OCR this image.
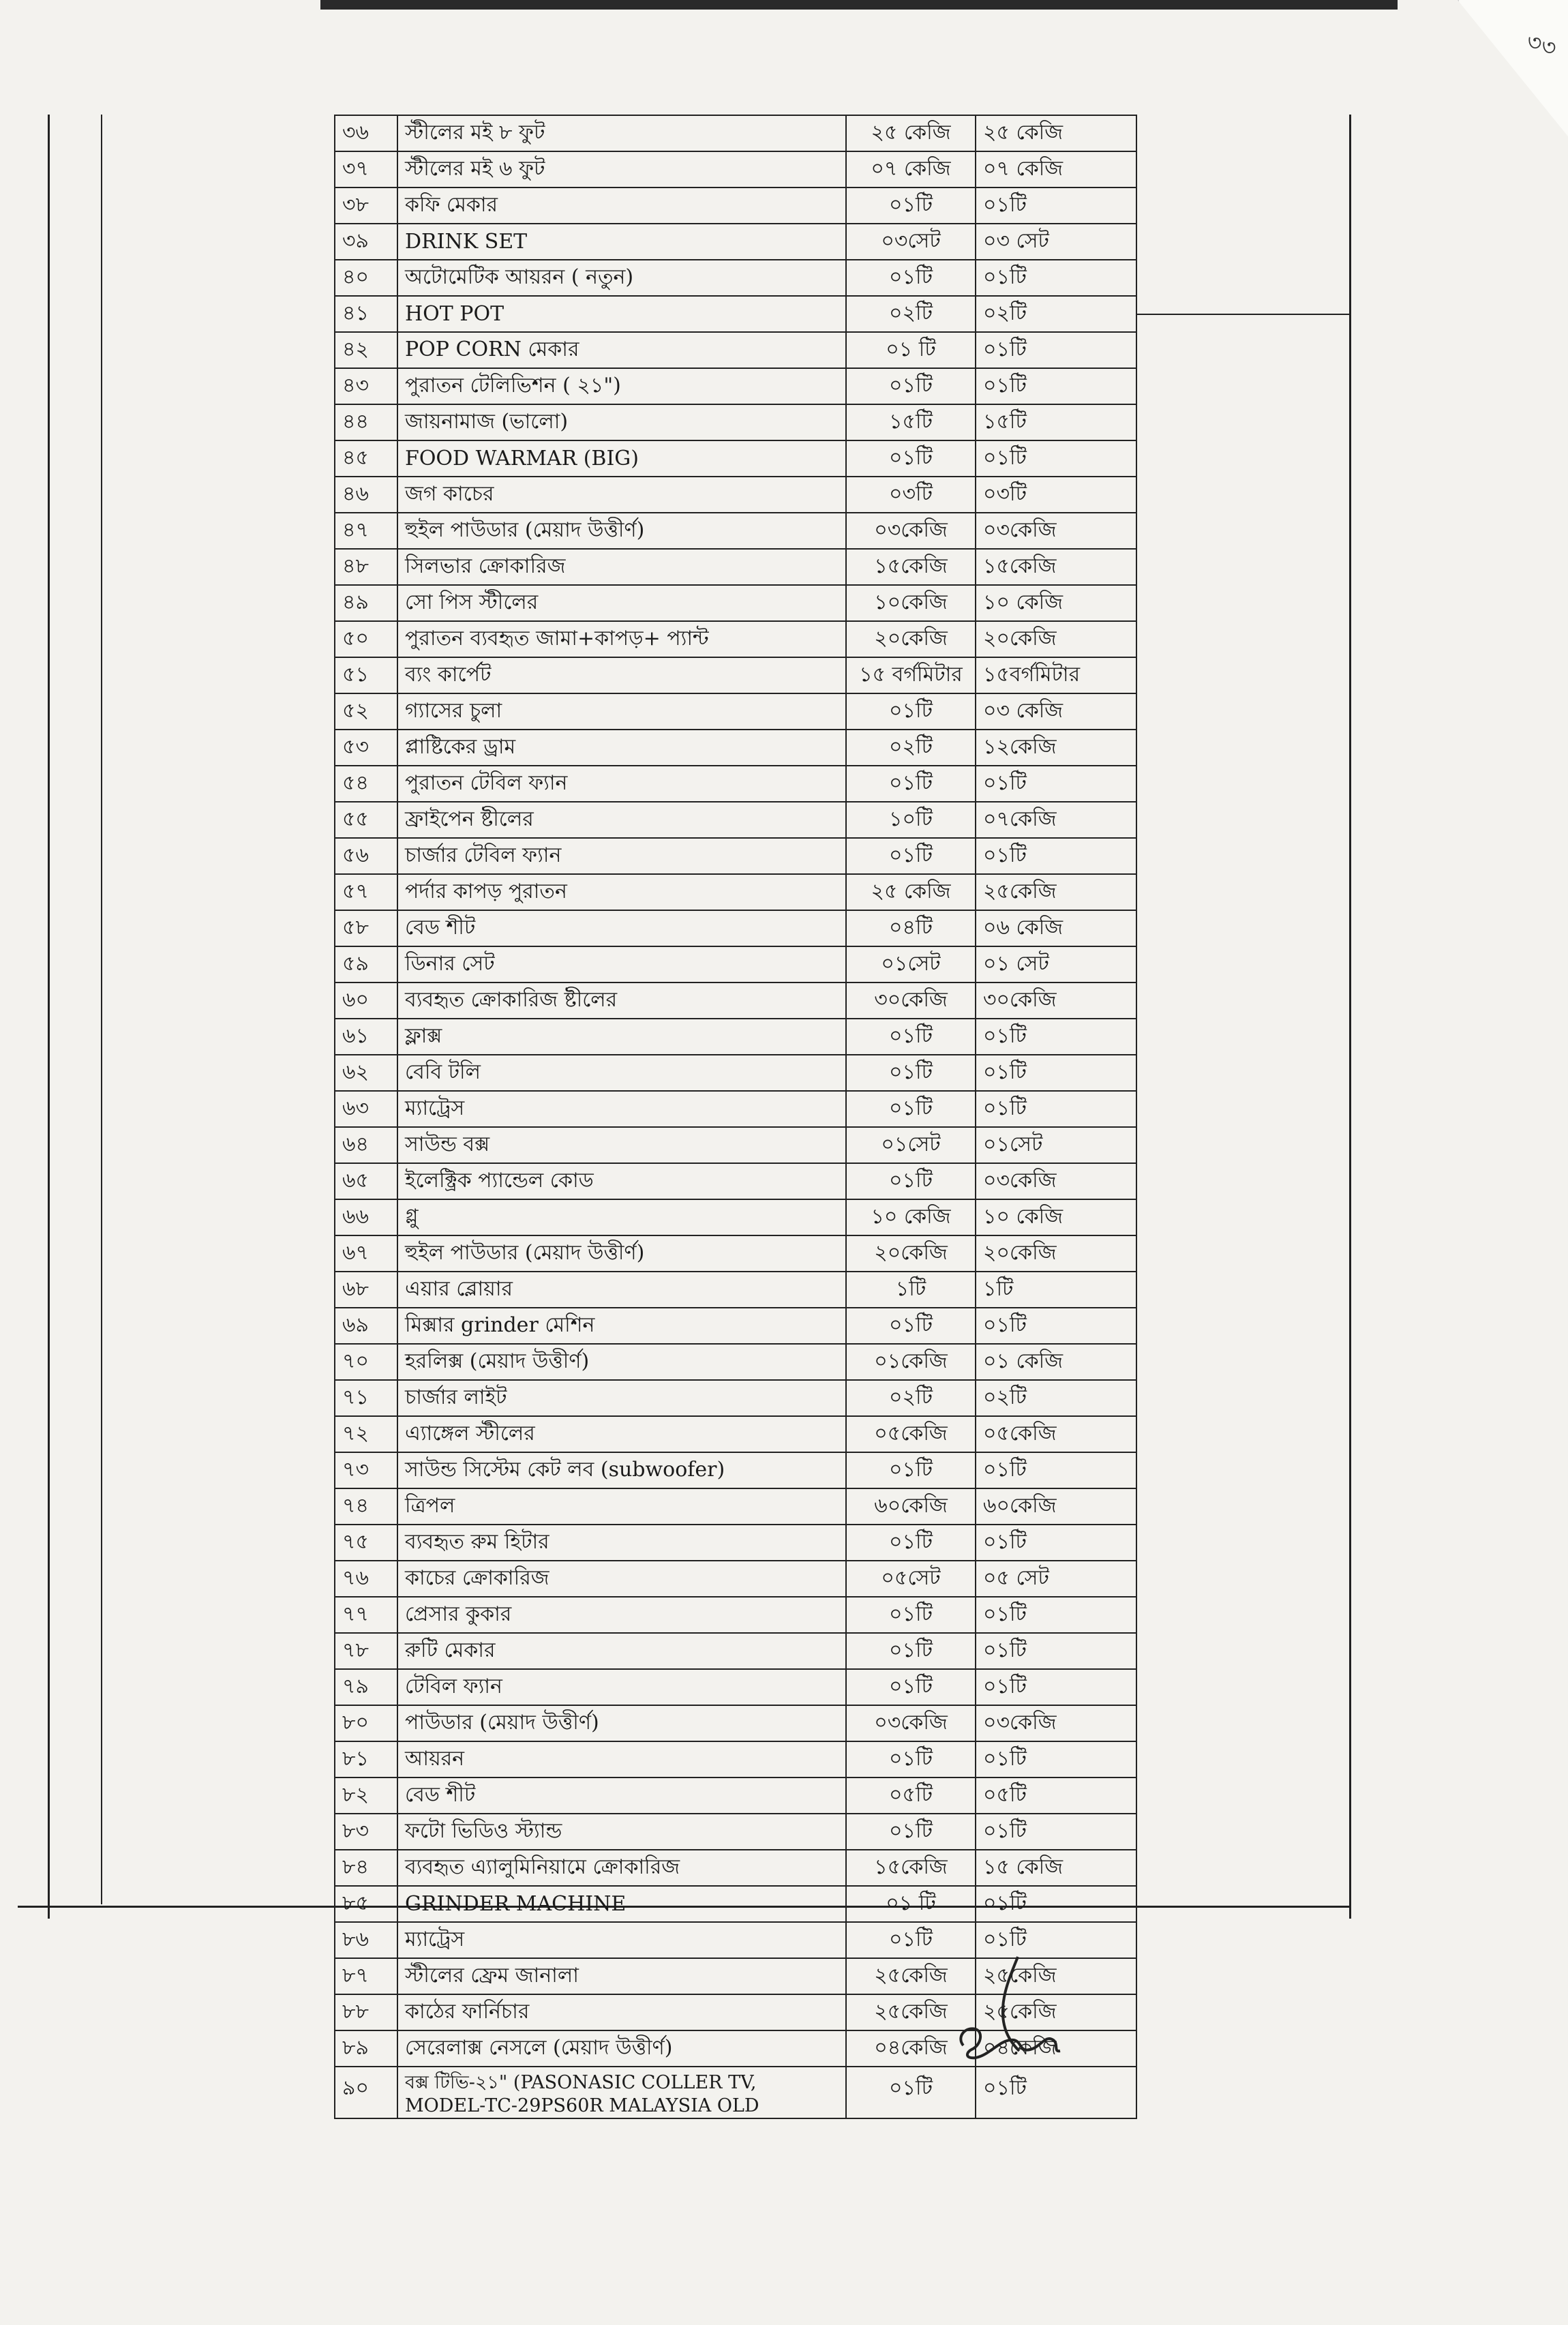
৩৩
৩৬	স্টীলের মই ৮ ফুট	২৫ কেজি	২৫ কেজি
৩৭	স্টীলের মই ৬ ফুট	০৭ কেজি	০৭ কেজি
৩৮	কফি মেকার	০১টি	০১টি
৩৯	DRINK SET	০৩সেট	০৩ সেট
৪০	অটোমেটিক আয়রন ( নতুন)	০১টি	০১টি
৪১	HOT POT	০২টি	০২টি
৪২	POP CORN মেকার	০১ টি	০১টি
৪৩	পুরাতন টেলিভিশন ( ২১")	০১টি	০১টি
৪৪	জায়নামাজ (ভালো)	১৫টি	১৫টি
৪৫	FOOD WARMAR (BIG)	০১টি	০১টি
৪৬	জগ কাচের	০৩টি	০৩টি
৪৭	হুইল পাউডার (মেয়াদ উত্তীর্ণ)	০৩কেজি	০৩কেজি
৪৮	সিলভার ক্রোকারিজ	১৫কেজি	১৫কেজি
৪৯	সো পিস স্টীলের	১০কেজি	১০ কেজি
৫০	পুরাতন ব্যবহৃত জামা+কাপড়+ প্যান্ট	২০কেজি	২০কেজি
৫১	ব্যং কার্পেট	১৫ বর্গমিটার	১৫বর্গমিটার
৫২	গ্যাসের চুলা	০১টি	০৩ কেজি
৫৩	প্লাষ্টিকের ড্রাম	০২টি	১২কেজি
৫৪	পুরাতন টেবিল ফ্যান	০১টি	০১টি
৫৫	ফ্রাইপেন ষ্টীলের	১০টি	০৭কেজি
৫৬	চার্জার টেবিল ফ্যান	০১টি	০১টি
৫৭	পর্দার কাপড় পুরাতন	২৫ কেজি	২৫কেজি
৫৮	বেড শীট	০৪টি	০৬ কেজি
৫৯	ডিনার সেট	০১সেট	০১ সেট
৬০	ব্যবহৃত ক্রোকারিজ ষ্টীলের	৩০কেজি	৩০কেজি
৬১	ফ্লাক্স	০১টি	০১টি
৬২	বেবি টলি	০১টি	০১টি
৬৩	ম্যাট্রেস	০১টি	০১টি
৬৪	সাউন্ড বক্স	০১সেট	০১সেট
৬৫	ইলেক্ট্রিক প্যান্ডেল কোড	০১টি	০৩কেজি
৬৬	গ্লু	১০ কেজি	১০ কেজি
৬৭	হুইল পাউডার (মেয়াদ উত্তীর্ণ)	২০কেজি	২০কেজি
৬৮	এয়ার ব্লোয়ার	১টি	১টি
৬৯	মিক্সার grinder মেশিন	০১টি	০১টি
৭০	হরলিক্স (মেয়াদ উত্তীর্ণ)	০১কেজি	০১ কেজি
৭১	চার্জার লাইট	০২টি	০২টি
৭২	এ্যাঙ্গেল স্টীলের	০৫কেজি	০৫কেজি
৭৩	সাউন্ড সিস্টেম কেট লব (subwoofer)	০১টি	০১টি
৭৪	ত্রিপল	৬০কেজি	৬০কেজি
৭৫	ব্যবহৃত রুম হিটার	০১টি	০১টি
৭৬	কাচের ক্রোকারিজ	০৫সেট	০৫ সেট
৭৭	প্রেসার কুকার	০১টি	০১টি
৭৮	রুটি মেকার	০১টি	০১টি
৭৯	টেবিল ফ্যান	০১টি	০১টি
৮০	পাউডার (মেয়াদ উত্তীর্ণ)	০৩কেজি	০৩কেজি
৮১	আয়রন	০১টি	০১টি
৮২	বেড শীট	০৫টি	০৫টি
৮৩	ফটো ভিডিও স্ট্যান্ড	০১টি	০১টি
৮৪	ব্যবহৃত এ্যালুমিনিয়ামে ক্রোকারিজ	১৫কেজি	১৫ কেজি
৮৫	GRINDER MACHINE	০১ টি	০১টি
৮৬	ম্যাট্রেস	০১টি	০১টি
৮৭	স্টীলের ফ্রেম জানালা	২৫কেজি	২৫কেজি
৮৮	কাঠের ফার্নিচার	২৫কেজি	২৫কেজি
৮৯	সেরেলাক্স নেসলে (মেয়াদ উত্তীর্ণ)	০৪কেজি	০৪কেজি
৯০	বক্স টিভি-২১" (PASONASIC COLLER TV, MODEL-TC-29PS60R MALAYSIA OLD	০১টি	০১টি
